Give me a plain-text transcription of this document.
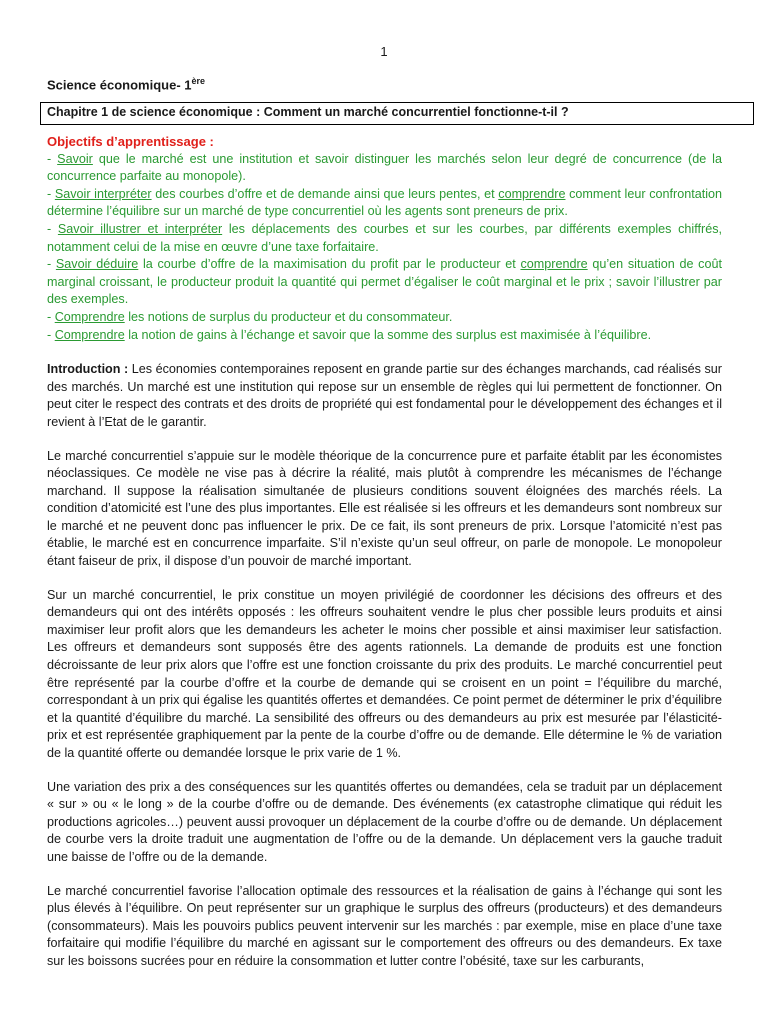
1
Science économique- 1ère
Chapitre 1 de science économique : Comment un marché concurrentiel fonctionne-t-il ?
Objectifs d’apprentissage :
- Savoir que le marché est une institution et savoir distinguer les marchés selon leur degré de concurrence (de la concurrence parfaite au monopole).
- Savoir interpréter des courbes d’offre et de demande ainsi que leurs pentes, et comprendre comment leur confrontation détermine l’équilibre sur un marché de type concurrentiel où les agents sont preneurs de prix.
- Savoir illustrer et interpréter les déplacements des courbes et sur les courbes, par différents exemples chiffrés, notamment celui de la mise en œuvre d’une taxe forfaitaire.
- Savoir déduire la courbe d’offre de la maximisation du profit par le producteur et comprendre qu’en situation de coût marginal croissant, le producteur produit la quantité qui permet d’égaliser le coût marginal et le prix ; savoir l’illustrer par des exemples.
- Comprendre les notions de surplus du producteur et du consommateur.
- Comprendre la notion de gains à l’échange et savoir que la somme des surplus est maximisée à l’équilibre.

Introduction : Les économies contemporaines reposent en grande partie sur des échanges marchands, cad réalisés sur des marchés. Un marché est une institution qui repose sur un ensemble de règles qui lui permettent de fonctionner. On peut citer le respect des contrats et des droits de propriété qui est fondamental pour le développement des échanges et il revient à l’Etat de le garantir.

Le marché concurrentiel s’appuie sur le modèle théorique de la concurrence pure et parfaite établit par les économistes néoclassiques. Ce modèle ne vise pas à décrire la réalité, mais plutôt à comprendre les mécanismes de l’échange marchand. Il suppose la réalisation simultanée de plusieurs conditions souvent éloignées des marchés réels. La condition d’atomicité est l’une des plus importantes. Elle est réalisée si les offreurs et les demandeurs sont nombreux sur le marché et ne peuvent donc pas influencer le prix. De ce fait, ils sont preneurs de prix. Lorsque l’atomicité n’est pas établie, le marché est en concurrence imparfaite. S’il n’existe qu’un seul offreur, on parle de monopole. Le monopoleur étant faiseur de prix, il dispose d’un pouvoir de marché important.

Sur un marché concurrentiel, le prix constitue un moyen privilégié de coordonner les décisions des offreurs et des demandeurs qui ont des intérêts opposés : les offreurs souhaitent vendre le plus cher possible leurs produits et ainsi maximiser leur profit alors que les demandeurs les acheter le moins cher possible et ainsi maximiser leur satisfaction. Les offreurs et demandeurs sont supposés être des agents rationnels. La demande de produits est une fonction décroissante de leur prix alors que l’offre est une fonction croissante du prix des produits. Le marché concurrentiel peut être représenté par la courbe d’offre et la courbe de demande qui se croisent en un point = l’équilibre du marché, correspondant à un prix qui égalise les quantités offertes et demandées. Ce point permet de déterminer le prix d’équilibre et la quantité d’équilibre du marché. La sensibilité des offreurs ou des demandeurs au prix est mesurée par l’élasticité- prix et est représentée graphiquement par la pente de la courbe d’offre ou de demande. Elle détermine le % de variation de la quantité offerte ou demandée lorsque le prix varie de 1 %.

Une variation des prix a des conséquences sur les quantités offertes ou demandées, cela se traduit par un déplacement « sur » ou « le long » de la courbe d’offre ou de demande. Des événements (ex catastrophe climatique qui réduit les productions agricoles…) peuvent aussi provoquer un déplacement de la courbe d’offre ou de demande. Un déplacement de courbe vers la droite traduit une augmentation de l’offre ou de la demande. Un déplacement vers la gauche traduit une baisse de l’offre ou de la demande.

Le marché concurrentiel favorise l’allocation optimale des ressources et la réalisation de gains à l’échange qui sont les plus élevés à l’équilibre. On peut représenter sur un graphique le surplus des offreurs (producteurs) et des demandeurs (consommateurs). Mais les pouvoirs publics peuvent intervenir sur les marchés : par exemple, mise en place d’une taxe forfaitaire qui modifie l’équilibre du marché en agissant sur le comportement des offreurs ou des demandeurs. Ex taxe sur les boissons sucrées pour en réduire la consommation et lutter contre l’obésité, taxe sur les carburants,
